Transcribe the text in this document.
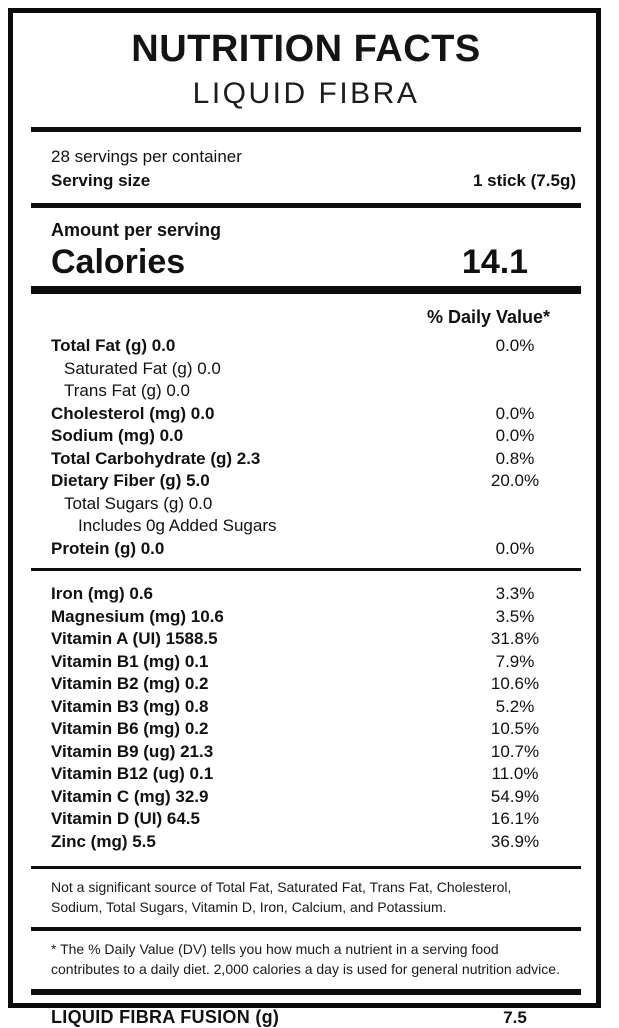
NUTRITION FACTS
LIQUID FIBRA
28 servings per container
Serving size	1 stick (7.5g)
Amount per serving
Calories	14.1
% Daily Value*
Total Fat (g) 0.0	0.0%
Saturated Fat (g) 0.0
Trans Fat (g) 0.0
Cholesterol (mg) 0.0	0.0%
Sodium (mg) 0.0	0.0%
Total Carbohydrate (g) 2.3	0.8%
Dietary Fiber (g) 5.0	20.0%
Total Sugars (g) 0.0
Includes 0g Added Sugars
Protein (g) 0.0	0.0%
Iron (mg) 0.6	3.3%
Magnesium (mg) 10.6	3.5%
Vitamin A (UI) 1588.5	31.8%
Vitamin B1 (mg) 0.1	7.9%
Vitamin B2 (mg) 0.2	10.6%
Vitamin B3 (mg) 0.8	5.2%
Vitamin B6 (mg) 0.2	10.5%
Vitamin B9 (ug) 21.3	10.7%
Vitamin B12 (ug) 0.1	11.0%
Vitamin C (mg) 32.9	54.9%
Vitamin D (UI) 64.5	16.1%
Zinc (mg) 5.5	36.9%
Not a significant source of Total Fat, Saturated Fat, Trans Fat, Cholesterol, Sodium, Total Sugars, Vitamin D, Iron, Calcium, and Potassium.
* The % Daily Value (DV) tells you how much a nutrient in a serving food contributes to a daily diet. 2,000 calories a day is used for general nutrition advice.
LIQUID FIBRA FUSION (g)	7.5
